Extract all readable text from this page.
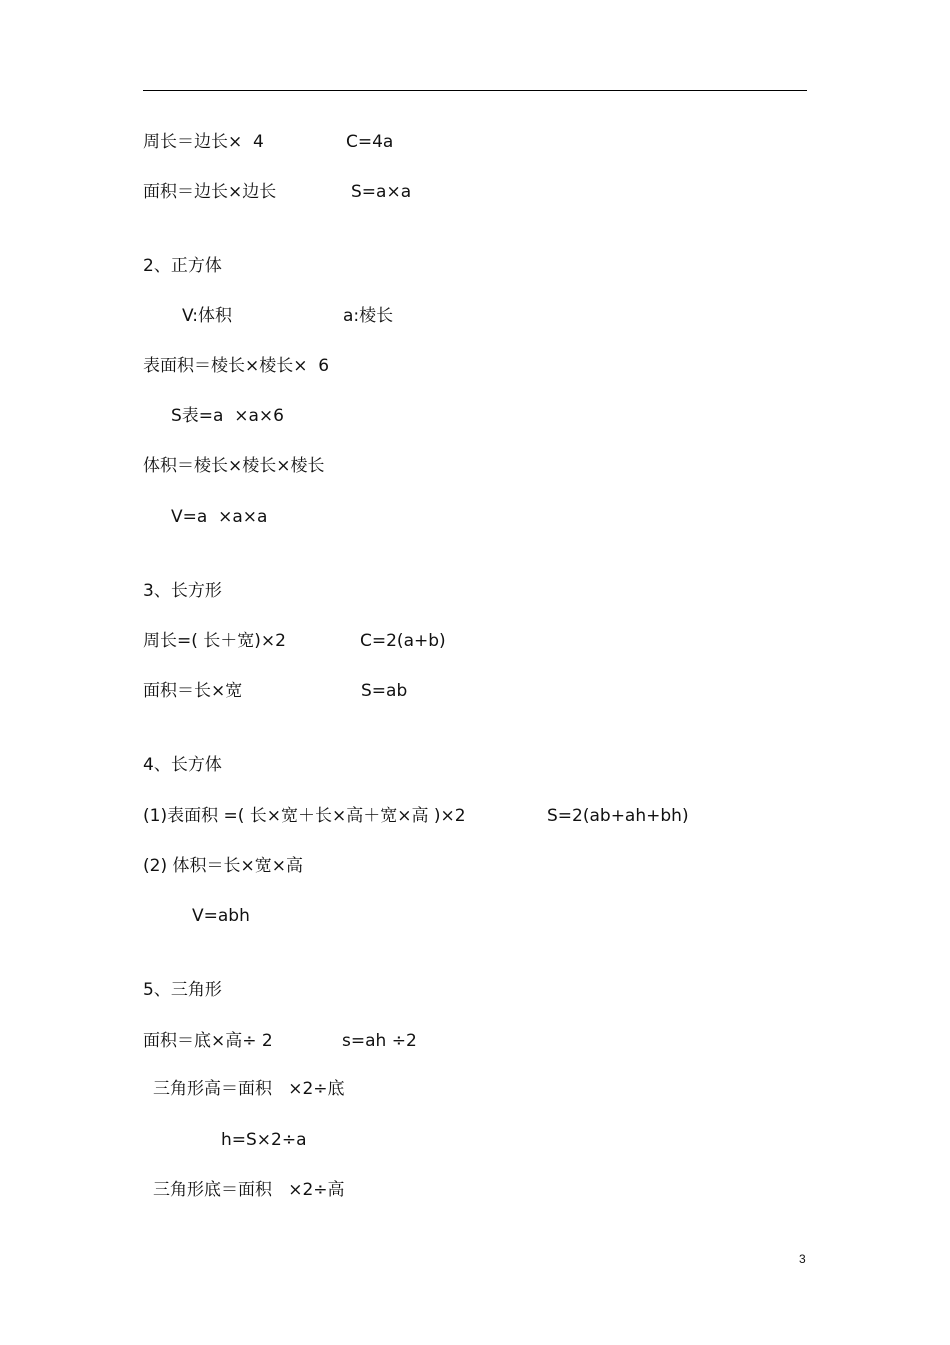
周长＝边长×  4	C=4a
面积＝边长×边长	S=a×a
2、正方体
V:体积	a:棱长
表面积＝棱长×棱长×  6
S表=a  ×a×6
体积＝棱长×棱长×棱长
V=a  ×a×a
3、长方形
周长=( 长＋宽)×2	C=2(a+b)
面积＝长×宽	S=ab
4、长方体
(1)表面积 =( 长×宽＋长×高＋宽×高 )×2	S=2(ab+ah+bh)
(2) 体积＝长×宽×高
V=abh
5、三角形
面积＝底×高÷ 2	s=ah ÷2
三角形高＝面积   ×2÷底
h=S×2÷a
三角形底＝面积   ×2÷高
3
